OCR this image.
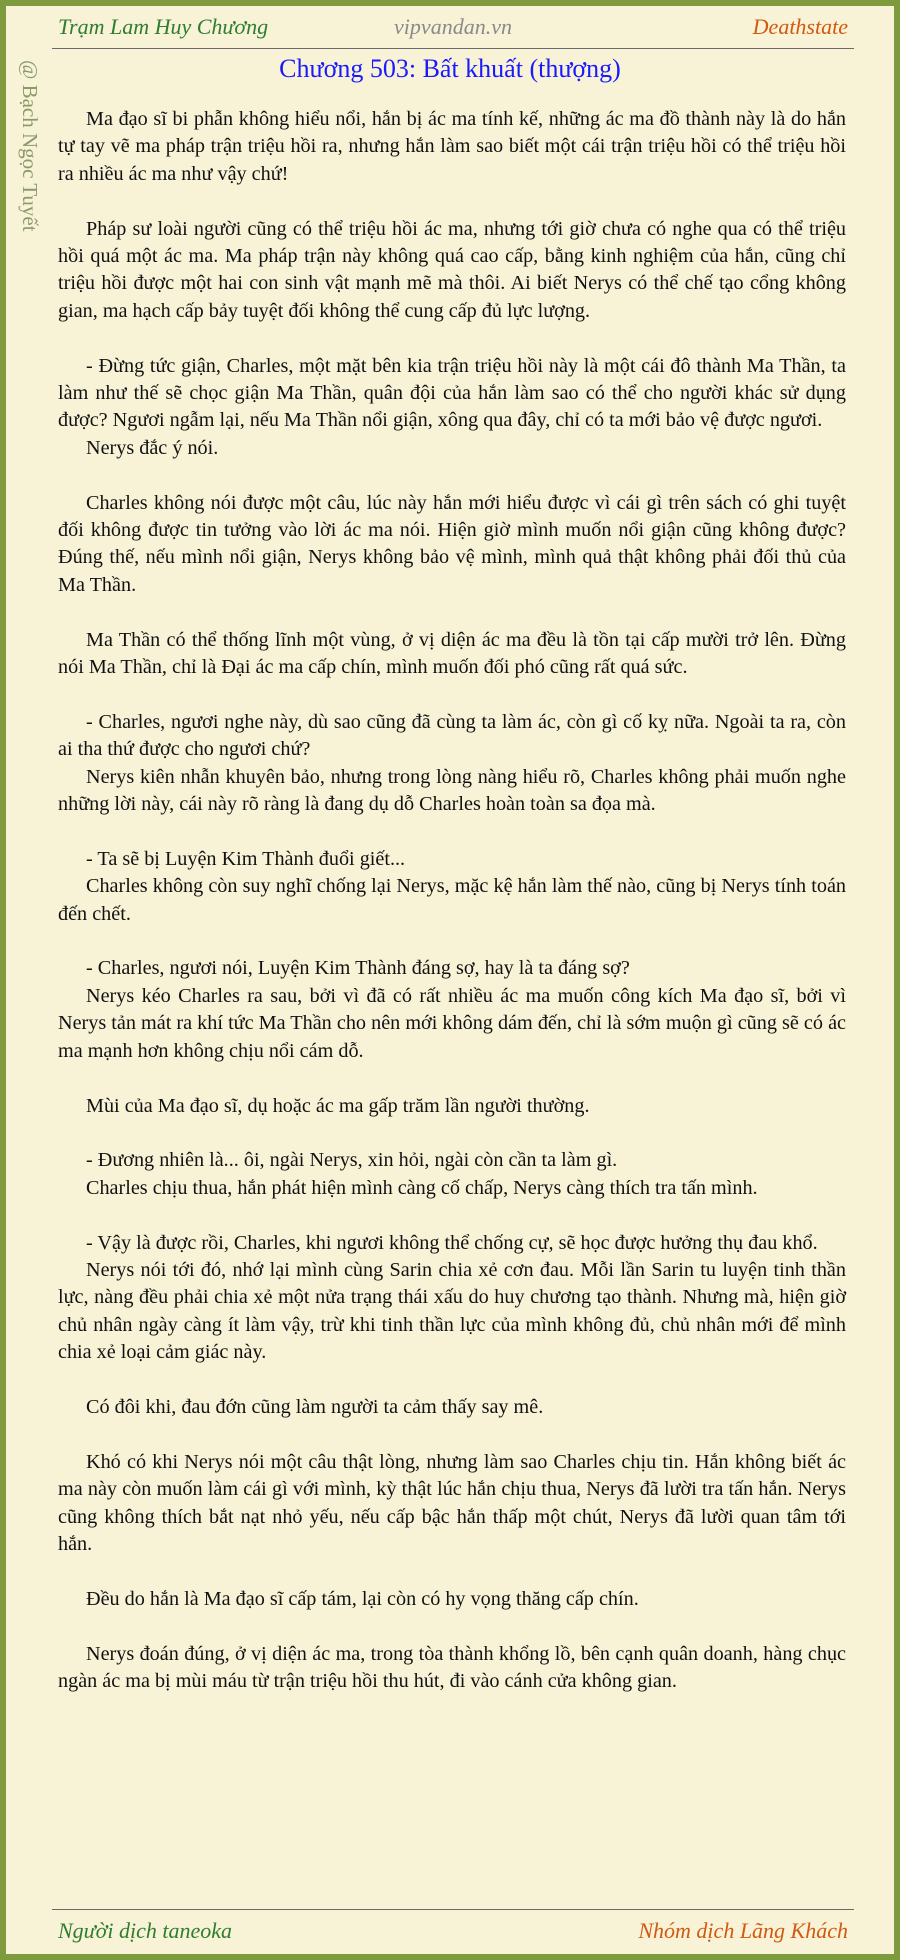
Trạm Lam Huy Chương	vipvandan.vn	Deathstate
@ Bạch Ngọc Tuyết	Chương 503: Bất khuất (thượng)

Ma đạo sĩ bi phẫn không hiểu nổi, hắn bị ác ma tính kế, những ác ma đồ thành này là do hắn tự tay vẽ ma pháp trận triệu hồi ra, nhưng hắn làm sao biết một cái trận triệu hồi có thể triệu hồi ra nhiều ác ma như vậy chứ!

Pháp sư loài người cũng có thể triệu hồi ác ma, nhưng tới giờ chưa có nghe qua có thể triệu hồi quá một ác ma. Ma pháp trận này không quá cao cấp, bằng kinh nghiệm của hắn, cũng chỉ triệu hồi được một hai con sinh vật mạnh mẽ mà thôi. Ai biết Nerys có thể chế tạo cổng không gian, ma hạch cấp bảy tuyệt đối không thể cung cấp đủ lực lượng.

- Đừng tức giận, Charles, một mặt bên kia trận triệu hồi này là một cái đô thành Ma Thần, ta làm như thế sẽ chọc giận Ma Thần, quân đội của hắn làm sao có thể cho người khác sử dụng được? Ngươi ngẫm lại, nếu Ma Thần nổi giận, xông qua đây, chỉ có ta mới bảo vệ được ngươi.

Nerys đắc ý nói.

Charles không nói được một câu, lúc này hắn mới hiểu được vì cái gì trên sách có ghi tuyệt đối không được tin tưởng vào lời ác ma nói. Hiện giờ mình muốn nổi giận cũng không được? Đúng thế, nếu mình nổi giận, Nerys không bảo vệ mình, mình quả thật không phải đối thủ của Ma Thần.

Ma Thần có thể thống lĩnh một vùng, ở vị diện ác ma đều là tồn tại cấp mười trở lên. Đừng nói Ma Thần, chỉ là Đại ác ma cấp chín, mình muốn đối phó cũng rất quá sức.

- Charles, ngươi nghe này, dù sao cũng đã cùng ta làm ác, còn gì cố kỵ nữa. Ngoài ta ra, còn ai tha thứ được cho ngươi chứ?

Nerys kiên nhẫn khuyên bảo, nhưng trong lòng nàng hiểu rõ, Charles không phải muốn nghe những lời này, cái này rõ ràng là đang dụ dỗ Charles hoàn toàn sa đọa mà.

- Ta sẽ bị Luyện Kim Thành đuổi giết...

Charles không còn suy nghĩ chống lại Nerys, mặc kệ hắn làm thế nào, cũng bị Nerys tính toán đến chết.

- Charles, ngươi nói, Luyện Kim Thành đáng sợ, hay là ta đáng sợ?

Nerys kéo Charles ra sau, bởi vì đã có rất nhiều ác ma muốn công kích Ma đạo sĩ, bởi vì Nerys tản mát ra khí tức Ma Thần cho nên mới không dám đến, chỉ là sớm muộn gì cũng sẽ có ác ma mạnh hơn không chịu nổi cám dỗ.

Mùi của Ma đạo sĩ, dụ hoặc ác ma gấp trăm lần người thường.

- Đương nhiên là... ôi, ngài Nerys, xin hỏi, ngài còn cần ta làm gì.

Charles chịu thua, hắn phát hiện mình càng cố chấp, Nerys càng thích tra tấn mình.

- Vậy là được rồi, Charles, khi ngươi không thể chống cự, sẽ học được hưởng thụ đau khổ.

Nerys nói tới đó, nhớ lại mình cùng Sarin chia xẻ cơn đau. Mỗi lần Sarin tu luyện tinh thần lực, nàng đều phải chia xẻ một nửa trạng thái xấu do huy chương tạo thành. Nhưng mà, hiện giờ chủ nhân ngày càng ít làm vậy, trừ khi tinh thần lực của mình không đủ, chủ nhân mới để mình chia xẻ loại cảm giác này.

Có đôi khi, đau đớn cũng làm người ta cảm thấy say mê.

Khó có khi Nerys nói một câu thật lòng, nhưng làm sao Charles chịu tin. Hắn không biết ác ma này còn muốn làm cái gì với mình, kỳ thật lúc hắn chịu thua, Nerys đã lười tra tấn hắn. Nerys cũng không thích bắt nạt nhỏ yếu, nếu cấp bậc hắn thấp một chút, Nerys đã lười quan tâm tới hắn.

Đều do hắn là Ma đạo sĩ cấp tám, lại còn có hy vọng thăng cấp chín.

Nerys đoán đúng, ở vị diện ác ma, trong tòa thành khổng lồ, bên cạnh quân doanh, hàng chục ngàn ác ma bị mùi máu từ trận triệu hồi thu hút, đi vào cánh cửa không gian.

Người dịch taneoka	Nhóm dịch Lãng Khách
